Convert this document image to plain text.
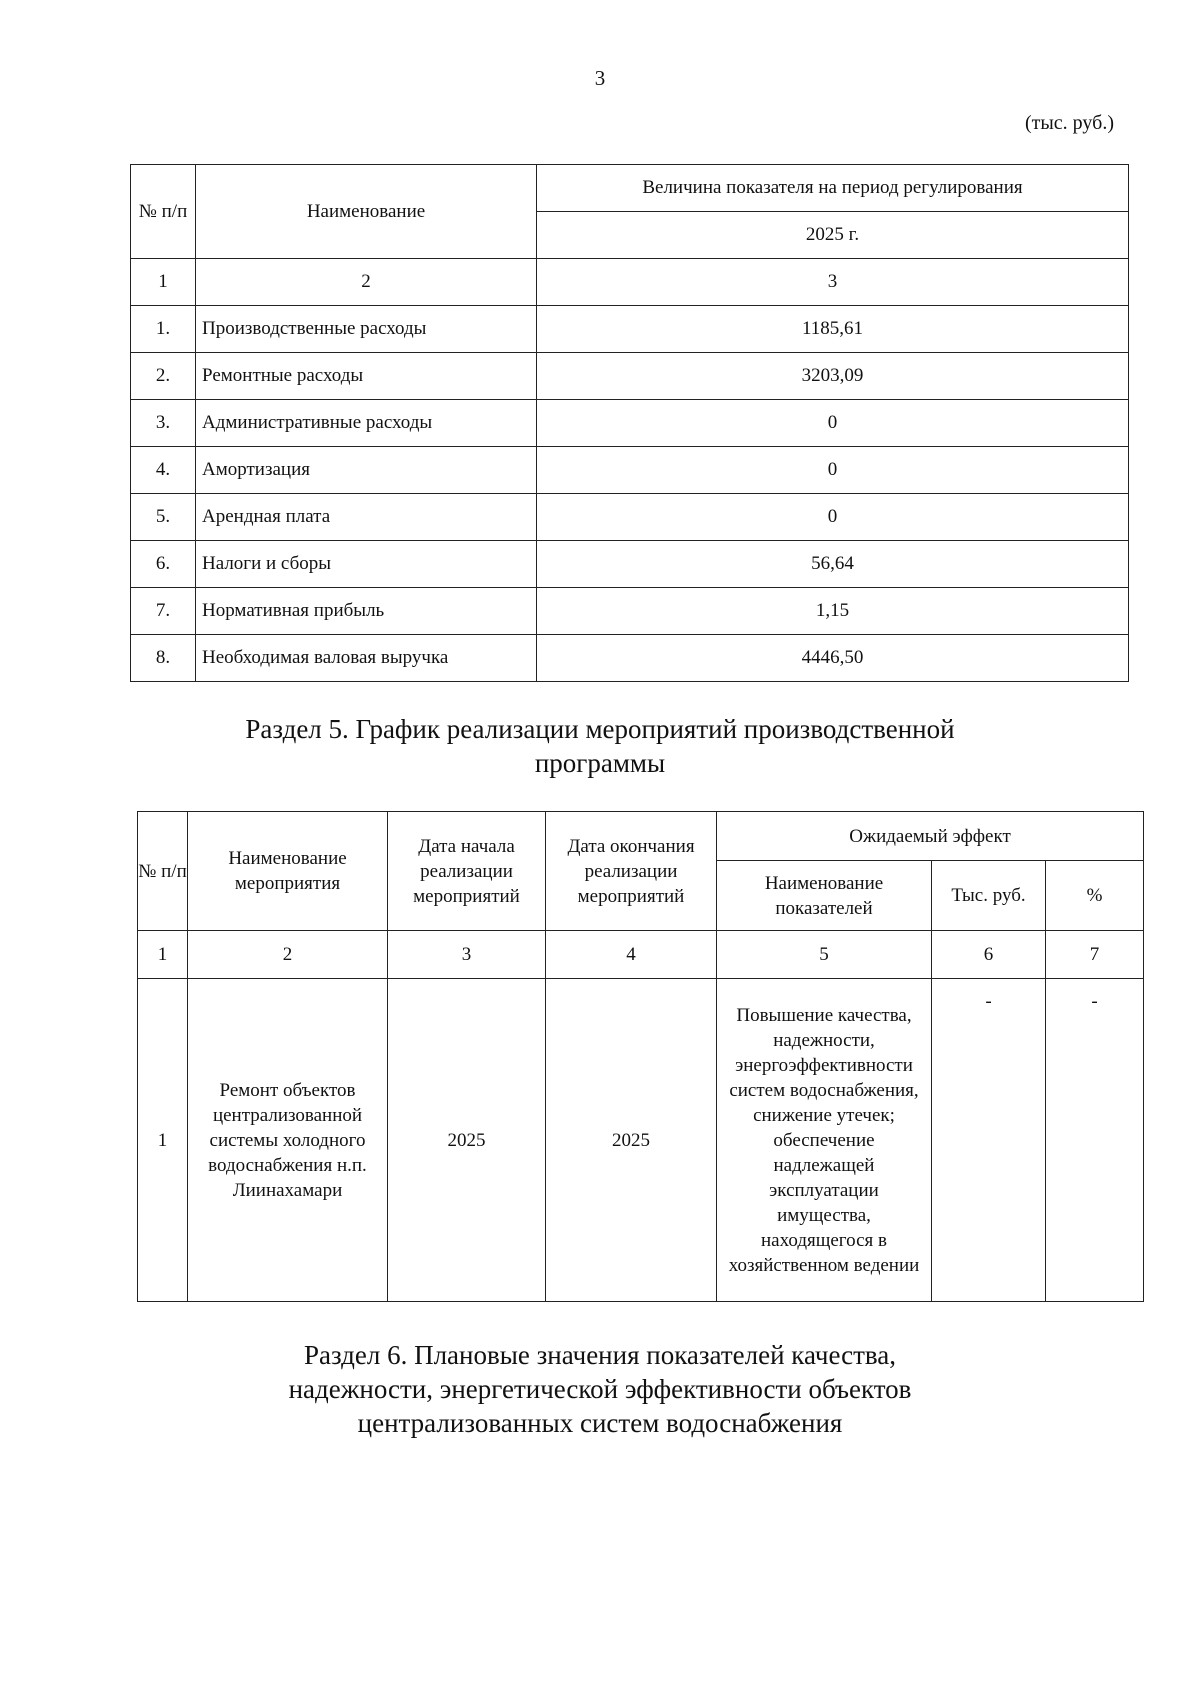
3
(тыс. руб.)
№ п/п	Наименование	Величина показателя на период регулирования
		2025 г.
1	2	3
1.	Производственные расходы	1185,61
2.	Ремонтные расходы	3203,09
3.	Административные расходы	0
4.	Амортизация	0
5.	Арендная плата	0
6.	Налоги и сборы	56,64
7.	Нормативная прибыль	1,15
8.	Необходимая валовая выручка	4446,50
Раздел 5. График реализации мероприятий производственной
программы
№ п/п	Наименование мероприятия	Дата начала реализации мероприятий	Дата окончания реализации мероприятий	Ожидаемый эффект		
				Наименование показателей	Тыс. руб.	%
1	2	3	4	5	6	7
1	Ремонт объектов централизованной системы холодного водоснабжения н.п. Лиинахамари	2025	2025	Повышение качества, надежности, энергоэффективности систем водоснабжения, снижение утечек; обеспечение надлежащей эксплуатации имущества, находящегося в хозяйственном ведении	-	-
Раздел 6. Плановые значения показателей качества,
надежности, энергетической эффективности объектов
централизованных систем водоснабжения
